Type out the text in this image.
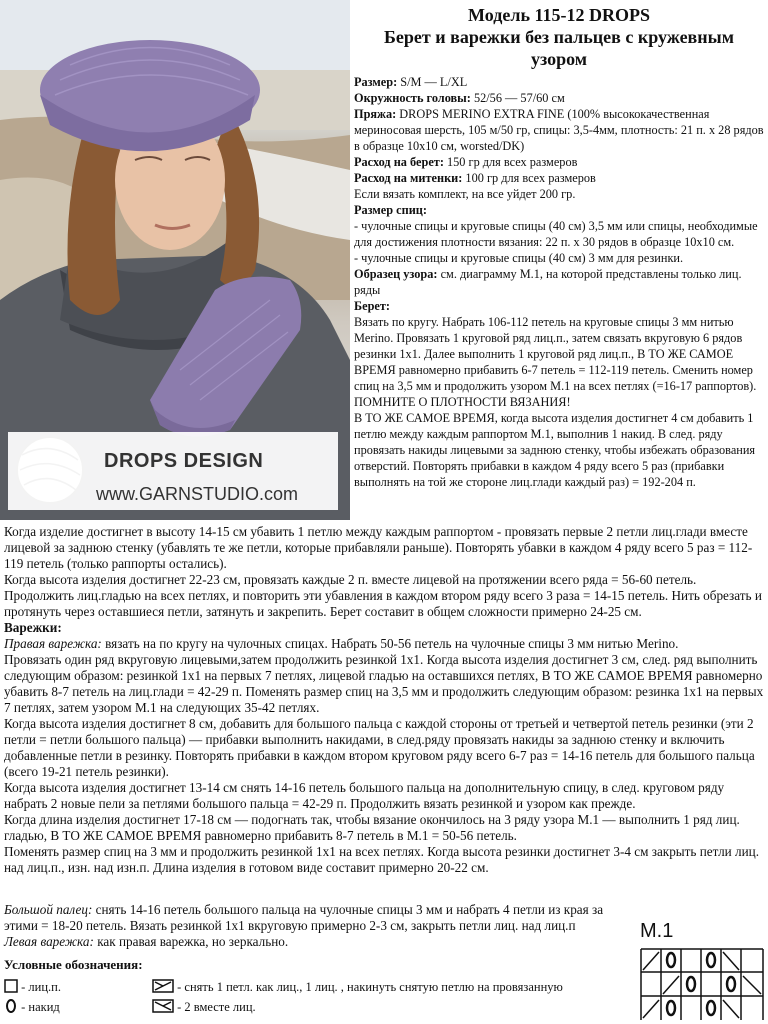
DROPS DESIGN
www.GARNSTUDIO.com
Модель 115-12 DROPS
Берет и варежки без пальцев с кружевным
узором

Размер: S/M — L/XL

Окружность головы: 52/56 — 57/60 см

Пряжа: DROPS MERINO EXTRA FINE (100% высококачественная мериносовая шерсть, 105 м/50 гр, спицы: 3,5-4мм, плотность: 21 п. х 28 рядов в образце 10х10 см, worsted/DK)

Расход на берет: 150 гр для всех размеров

Расход на митенки: 100 гр для всех размеров

Если вязать комплект, на все уйдет 200 гр.

Размер спиц:

- чулочные спицы и круговые спицы (40 см) 3,5 мм или спицы, необходимые для достижения плотности вязания: 22 п. х 30 рядов в образце 10х10 см.

- чулочные спицы и круговые спицы (40 см) 3 мм для резинки.

Образец узора: см. диаграмму М.1, на которой представлены только лиц. ряды

Берет:

Вязать по кругу. Набрать 106-112 петель на круговые спицы 3 мм нитью Merino. Провязать 1 круговой ряд лиц.п., затем связать вкруговую 6 рядов резинки 1х1. Далее выполнить 1 круговой ряд лиц.п., В ТО ЖЕ САМОЕ ВРЕМЯ равномерно прибавить 6-7 петель = 112-119 петель. Сменить номер спиц на 3,5 мм и продолжить узором М.1 на всех петлях (=16-17 раппортов). ПОМНИТЕ О ПЛОТНОСТИ ВЯЗАНИЯ!

В ТО ЖЕ САМОЕ ВРЕМЯ, когда высота изделия достигнет 4 см добавить 1 петлю между каждым раппортом М.1, выполнив 1 накид. В след. ряду провязать накиды лицевыми за заднюю стенку, чтобы избежать образования отверстий. Повторять прибавки в каждом 4 ряду всего 5 раз (прибавки выполнять на той же стороне лиц.глади каждый раз) = 192-204 п.

Когда изделие достигнет в высоту 14-15 см убавить 1 петлю между каждым раппортом - провязать первые 2 петли лиц.глади вместе лицевой за заднюю стенку (убавлять те же петли, которые прибавляли раньше). Повторять убавки в каждом 4 ряду всего 5 раз = 112-119 петель (только раппорты остались).

Когда высота изделия достигнет 22-23 см, провязать каждые 2 п. вместе лицевой на протяжении всего ряда = 56-60 петель. Продолжить лиц.гладью на всех петлях, и повторить эти убавления в каждом втором ряду всего 3 раза = 14-15 петель. Нить обрезать и протянуть через оставшиеся петли, затянуть и закрепить. Берет составит в общем сложности примерно 24-25 см.

Варежки:

Правая варежка: вязать на по кругу на чулочных спицах. Набрать 50-56 петель на чулочные спицы 3 мм нитью Merino.

Провязать один ряд вкруговую лицевыми,затем продолжить резинкой 1х1. Когда высота изделия достигнет 3 см, след. ряд выполнить следующим образом: резинкой 1х1 на первых 7 петлях, лицевой гладью на оставшихся петлях, В ТО ЖЕ САМОЕ ВРЕМЯ равномерно убавить 8-7 петель на лиц.глади = 42-29 п. Поменять размер спиц на 3,5 мм и продолжить следующим образом: резинка 1х1 на первых 7 петлях, затем узором М.1 на следующих 35-42 петлях.

Когда высота изделия достигнет 8 см, добавить для большого пальца с каждой стороны от третьей и четвертой петель резинки (эти 2 петли = петли большого пальца) — прибавки выполнить накидами, в след.ряду провязать накиды за заднюю стенку и включить добавленные петли в резинку. Повторять прибавки в каждом втором круговом ряду всего 6-7 раз = 14-16 петель для большого пальца (всего 19-21 петель резинки).

Когда высота изделия достигнет 13-14 см снять 14-16 петель большого пальца на дополнительную спицу, в след. круговом ряду набрать 2 новые пели за петлями большого пальца = 42-29 п. Продолжить вязать резинкой и узором как прежде.

Когда длина изделия достигнет 17-18 см — подогнать так, чтобы вязание окончилось на 3 ряду узора М.1 — выполнить 1 ряд лиц. гладью, В ТО ЖЕ САМОЕ ВРЕМЯ равномерно прибавить 8-7 петель в М.1 = 50-56 петель.

Поменять размер спиц на 3 мм и продолжить резинкой 1х1 на всех петлях. Когда высота резинки достигнет 3-4 см закрыть петли лиц. над лиц.п., изн. над изн.п. Длина изделия в готовом виде составит примерно 20-22 см.

Большой палец: снять 14-16 петель большого пальца на чулочные спицы 3 мм и набрать 4 петли из края за этими = 18-20 петель. Вязать резинкой 1х1 вкруговую примерно 2-3 см, закрыть петли лиц. над лиц.п

Левая варежка: как правая варежка, но зеркально.

Условные обозначения:

- лиц.п.
- накид
- снять 1 петл. как лиц., 1 лиц. , накинуть снятую петлю на провязанную
- 2 вместе лиц.
M.1
